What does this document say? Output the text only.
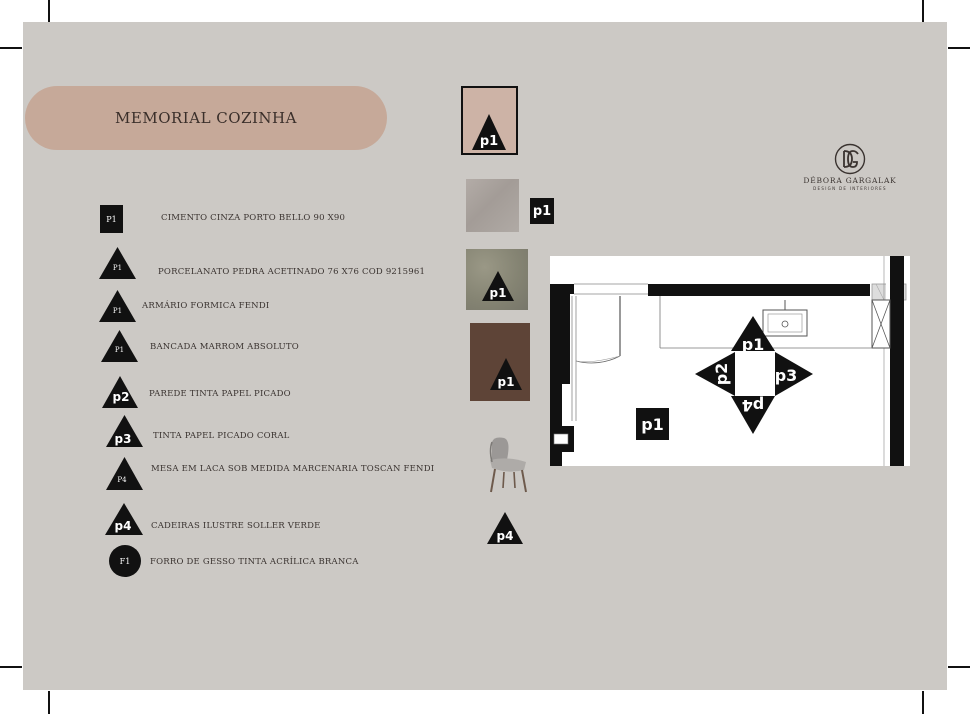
MEMORIAL COZINHA
P1
P1
P1
P1
p2
p3
P4
p4
F1
CIMENTO CINZA PORTO BELLO 90 X90
PORCELANATO PEDRA ACETINADO 76 X76 COD 9215961
ARMÁRIO FORMICA FENDI
BANCADA MARROM ABSOLUTO
PAREDE TINTA PAPEL PICADO
TINTA PAPEL PICADO CORAL
MESA EM LACA SOB MEDIDA MARCENARIA TOSCAN FENDI
CADEIRAS ILUSTRE SOLLER VERDE
FORRO DE GESSO TINTA ACRÍLICA BRANCA
p1
p1
p1
p1
p4
DÉBORA GARGALAK
DESIGN DE INTERIORES
p1
p3
p2
p4
p1
